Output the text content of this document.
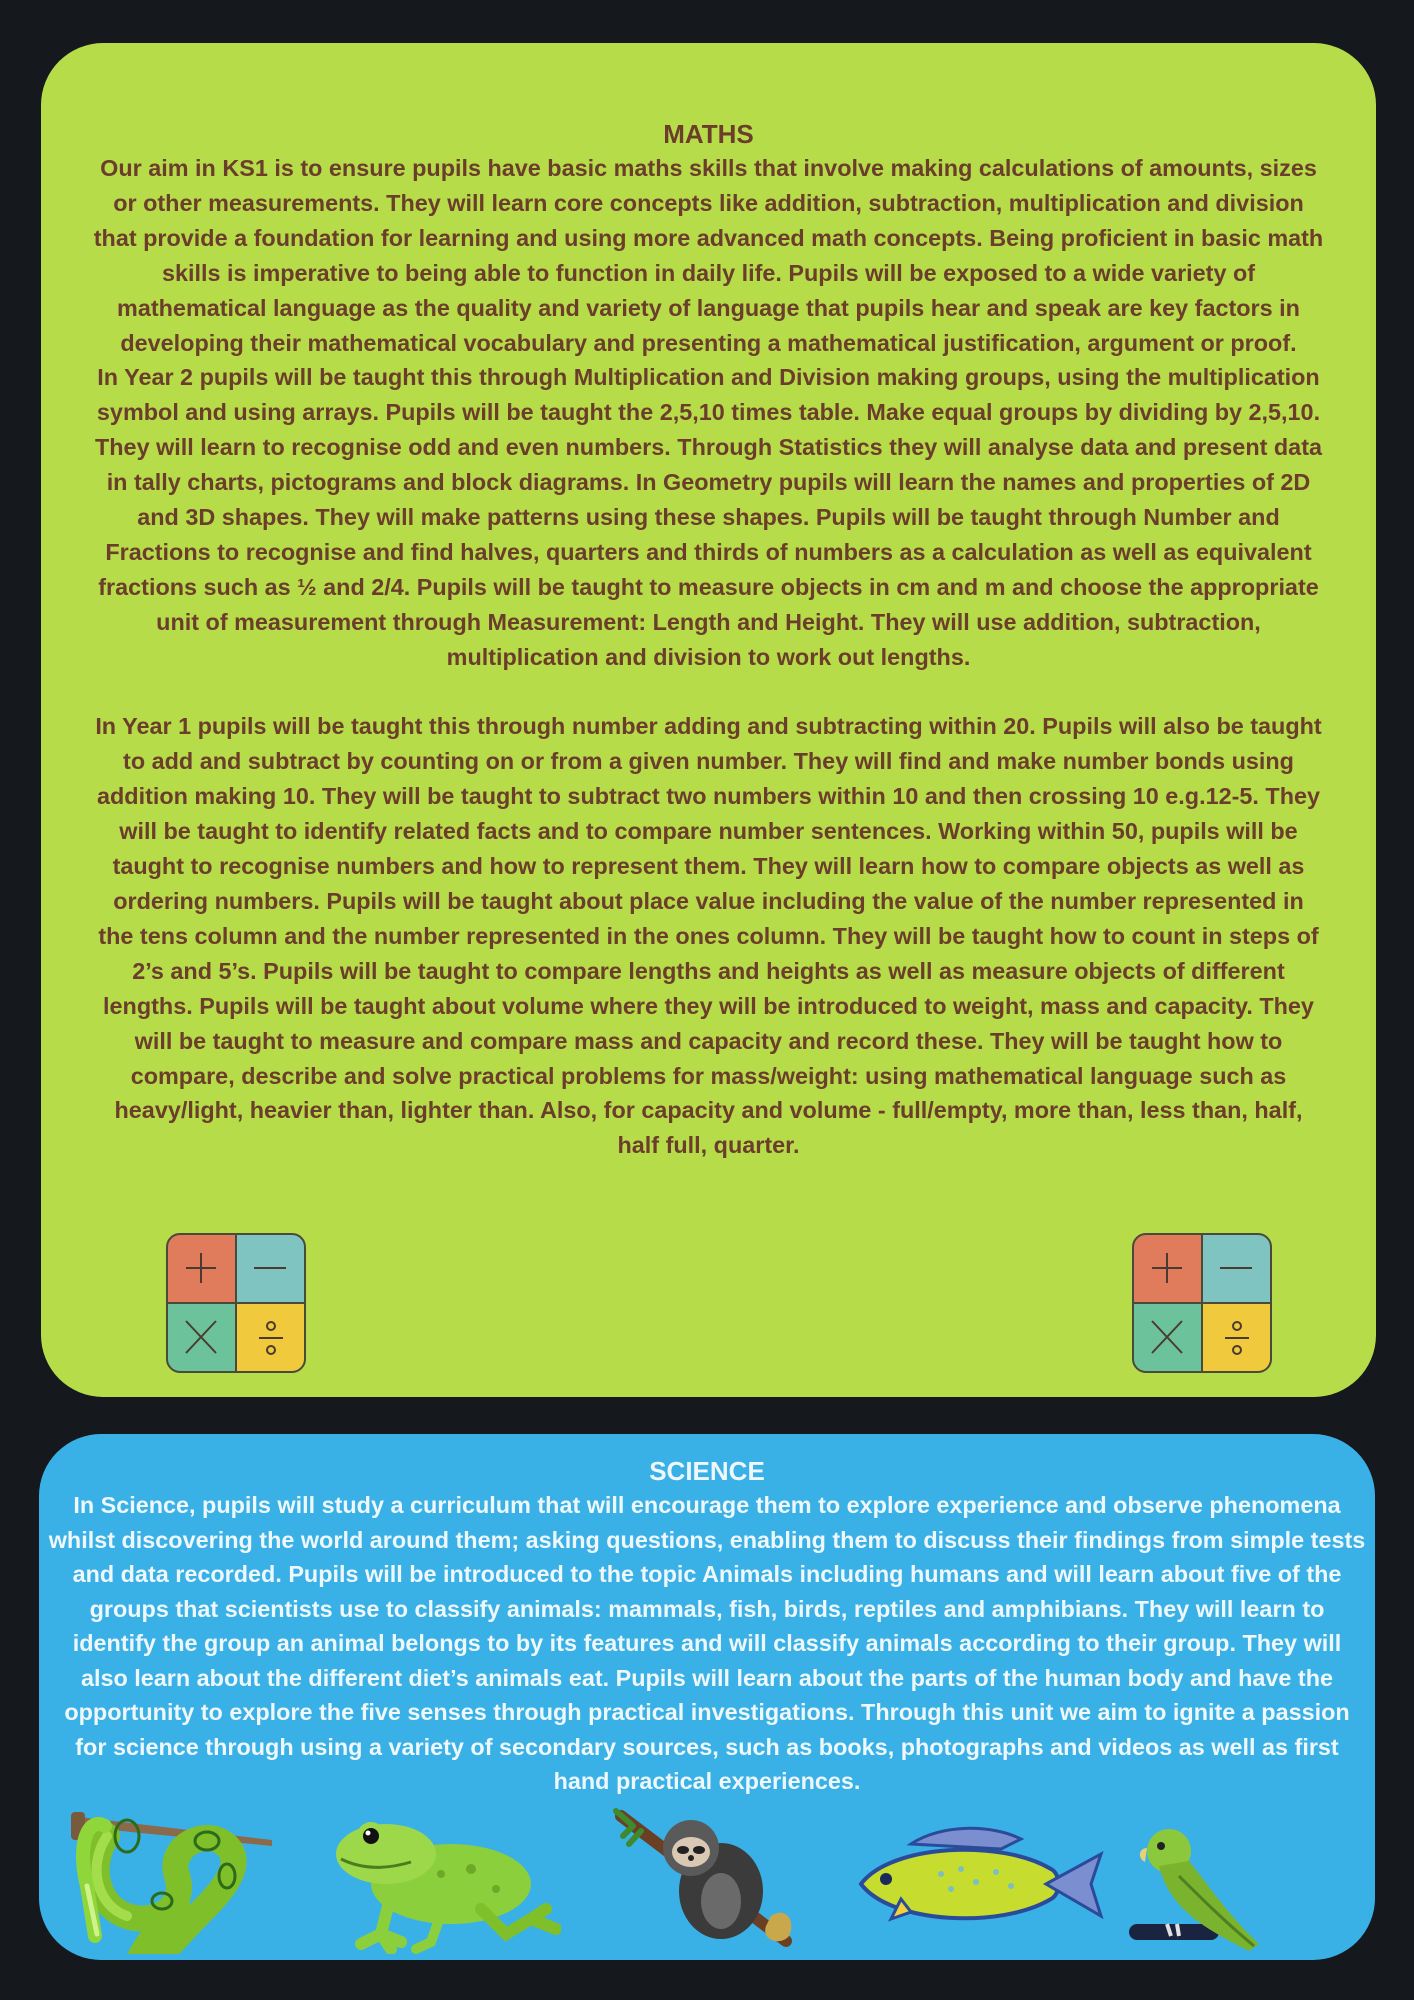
MATHS

Our aim in KS1 is to ensure pupils have basic maths skills that involve making calculations of amounts, sizes or other measurements. They will learn core concepts like addition, subtraction, multiplication and division that provide a foundation for learning and using more advanced math concepts. Being proficient in basic math skills is imperative to being able to function in daily life. Pupils will be exposed to a wide variety of mathematical language as the quality and variety of language that pupils hear and speak are key factors in developing their mathematical vocabulary and presenting a mathematical justification, argument or proof.

In Year 2 pupils will be taught this through Multiplication and Division making groups, using the multiplication symbol and using arrays. Pupils will be taught the 2,5,10 times table. Make equal groups by dividing by 2,5,10. They will learn to recognise odd and even numbers. Through Statistics they will analyse data and present data in tally charts, pictograms and block diagrams. In Geometry pupils will learn the names and properties of 2D and 3D shapes. They will make patterns using these shapes. Pupils will be taught through Number and Fractions to recognise and find halves, quarters and thirds of numbers as a calculation as well as equivalent fractions such as ½ and 2/4. Pupils will be taught to measure objects in cm and m and choose the appropriate unit of measurement through Measurement: Length and Height. They will use addition, subtraction, multiplication and division to work out lengths.

In Year 1 pupils will be taught this through number adding and subtracting within 20. Pupils will also be taught to add and subtract by counting on or from a given number. They will find and make number bonds using addition making 10. They will be taught to subtract two numbers within 10 and then crossing 10 e.g.12-5. They will be taught to identify related facts and to compare number sentences. Working within 50, pupils will be taught to recognise numbers and how to represent them. They will learn how to compare objects as well as ordering numbers. Pupils will be taught about place value including the value of the number represented in the tens column and the number represented in the ones column. They will be taught how to count in steps of 2’s and 5’s. Pupils will be taught to compare lengths and heights as well as measure objects of different lengths. Pupils will be taught about volume where they will be introduced to weight, mass and capacity. They will be taught to measure and compare mass and capacity and record these. They will be taught how to compare, describe and solve practical problems for mass/weight: using mathematical language such as heavy/light, heavier than, lighter than. Also, for capacity and volume - full/empty, more than, less than, half, half full, quarter.

SCIENCE

In Science, pupils will study a curriculum that will encourage them to explore experience and observe phenomena whilst discovering the world around them; asking questions, enabling them to discuss their findings from simple tests and data recorded. Pupils will be introduced to the topic Animals including humans and will learn about five of the groups that scientists use to classify animals: mammals, fish, birds, reptiles and amphibians. They will learn to identify the group an animal belongs to by its features and will classify animals according to their group. They will also learn about the different diet’s animals eat. Pupils will learn about the parts of the human body and have the opportunity to explore the five senses through practical investigations. Through this unit we aim to ignite a passion for science through using a variety of secondary sources, such as books, photographs and videos as well as first hand practical experiences.
